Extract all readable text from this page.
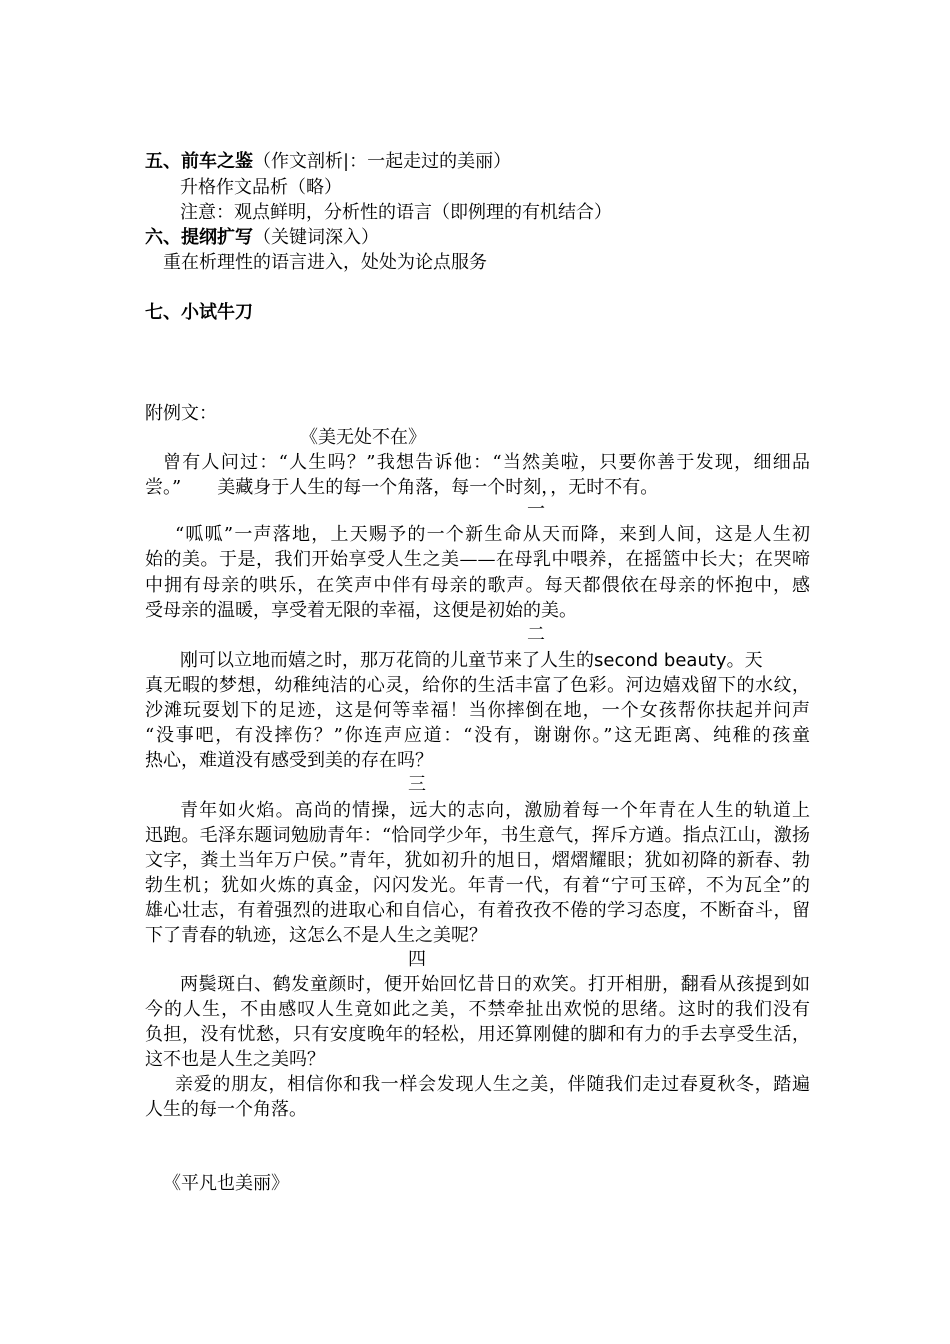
五、前车之鉴（作文剖析|：一起走过的美丽）
升格作文品析（略）
注意：观点鲜明，分析性的语言（即例理的有机结合）
六、提纲扩写（关键词深入）
重在析理性的语言进入，处处为论点服务
七、小试牛刀
附例文：
《美无处不在》
曾有人问过：“人生吗？”我想告诉他：“当然美啦，只要你善于发现，细细品
尝。”　　美藏身于人生的每一个角落，每一个时刻，，无时不有。
一
“呱呱”一声落地，上天赐予的一个新生命从天而降，来到人间，这是人生初
始的美。于是，我们开始享受人生之美——在母乳中喂养，在摇篮中长大；在哭啼
中拥有母亲的哄乐，在笑声中伴有母亲的歌声。每天都偎依在母亲的怀抱中，感
受母亲的温暖，享受着无限的幸福，这便是初始的美。
二
刚可以立地而嬉之时，那万花筒的儿童节来了人生的second beauty。天
真无暇的梦想，幼稚纯洁的心灵，给你的生活丰富了色彩。河边嬉戏留下的水纹，
沙滩玩耍划下的足迹，这是何等幸福！当你摔倒在地，一个女孩帮你扶起并问声
“没事吧，有没摔伤？”你连声应道：“没有，谢谢你。”这无距离、纯稚的孩童
热心，难道没有感受到美的存在吗？
三
青年如火焰。高尚的情操，远大的志向，激励着每一个年青在人生的轨道上
迅跑。毛泽东题词勉励青年：“恰同学少年，书生意气，挥斥方遒。指点江山，激扬
文字，粪土当年万户侯。”青年，犹如初升的旭日，熠熠耀眼；犹如初降的新春、勃
勃生机；犹如火炼的真金，闪闪发光。年青一代，有着“宁可玉碎，不为瓦全”的
雄心壮志，有着强烈的进取心和自信心，有着孜孜不倦的学习态度，不断奋斗，留
下了青春的轨迹，这怎么不是人生之美呢？
四
两鬓斑白、鹤发童颜时，便开始回忆昔日的欢笑。打开相册，翻看从孩提到如
今的人生，不由感叹人生竟如此之美，不禁牵扯出欢悦的思绪。这时的我们没有
负担，没有忧愁，只有安度晚年的轻松，用还算刚健的脚和有力的手去享受生活，
这不也是人生之美吗？
亲爱的朋友，相信你和我一样会发现人生之美，伴随我们走过春夏秋冬，踏遍
人生的每一个角落。
《平凡也美丽》
